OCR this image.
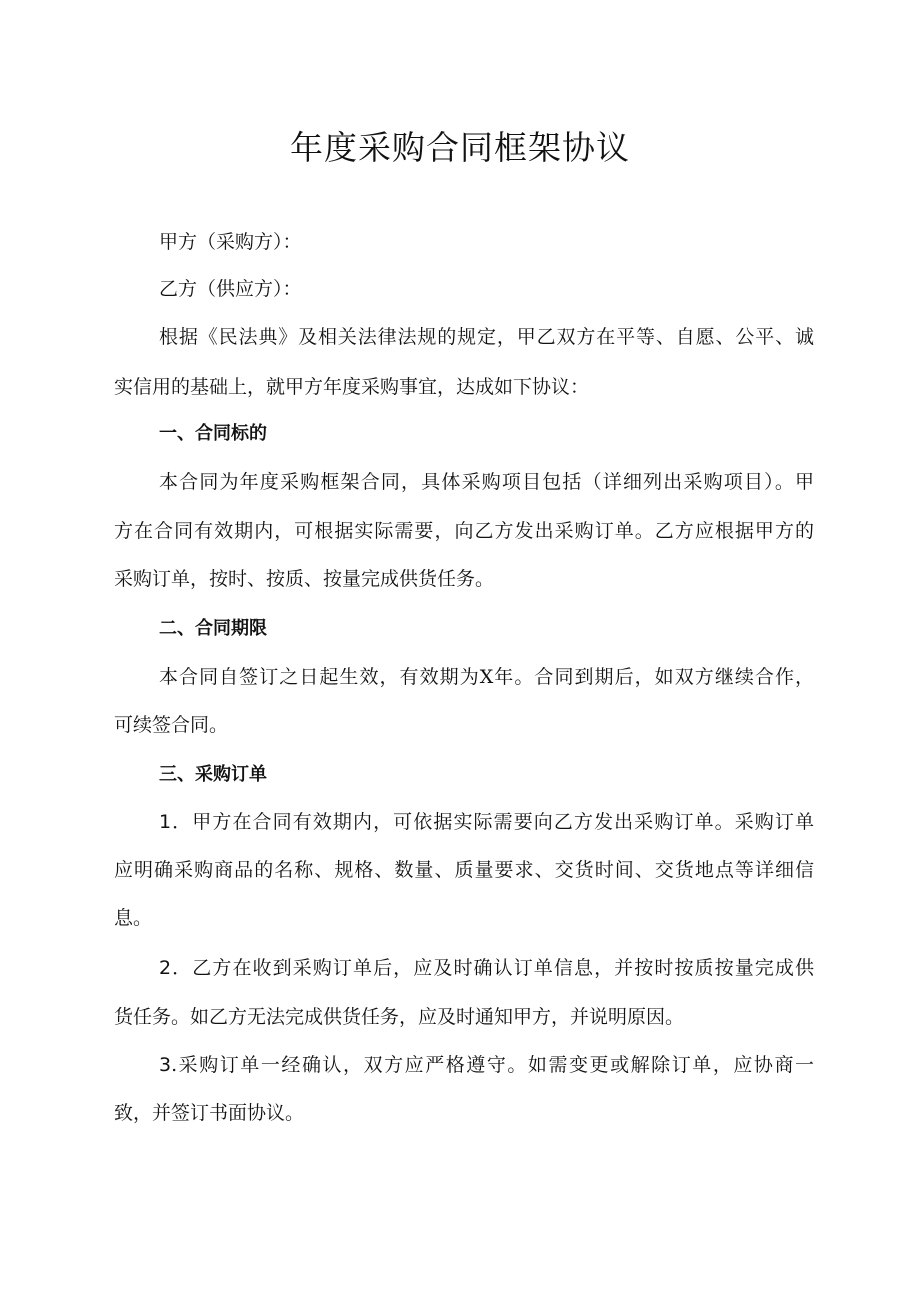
年度采购合同框架协议

甲方（采购方）：

乙方（供应方）：

根据《民法典》及相关法律法规的规定，甲乙双方在平等、自愿、公平、诚

实信用的基础上，就甲方年度采购事宜，达成如下协议：

一、合同标的

本合同为年度采购框架合同，具体采购项目包括（详细列出采购项目）。甲

方在合同有效期内，可根据实际需要，向乙方发出采购订单。乙方应根据甲方的

采购订单，按时、按质、按量完成供货任务。

二、合同期限

本合同自签订之日起生效，有效期为X年。合同到期后，如双方继续合作，

可续签合同。

三、采购订单

1．甲方在合同有效期内，可依据实际需要向乙方发出采购订单。采购订单

应明确采购商品的名称、规格、数量、质量要求、交货时间、交货地点等详细信

息。

2．乙方在收到采购订单后，应及时确认订单信息，并按时按质按量完成供

货任务。如乙方无法完成供货任务，应及时通知甲方，并说明原因。

3.采购订单一经确认，双方应严格遵守。如需变更或解除订单，应协商一

致，并签订书面协议。
